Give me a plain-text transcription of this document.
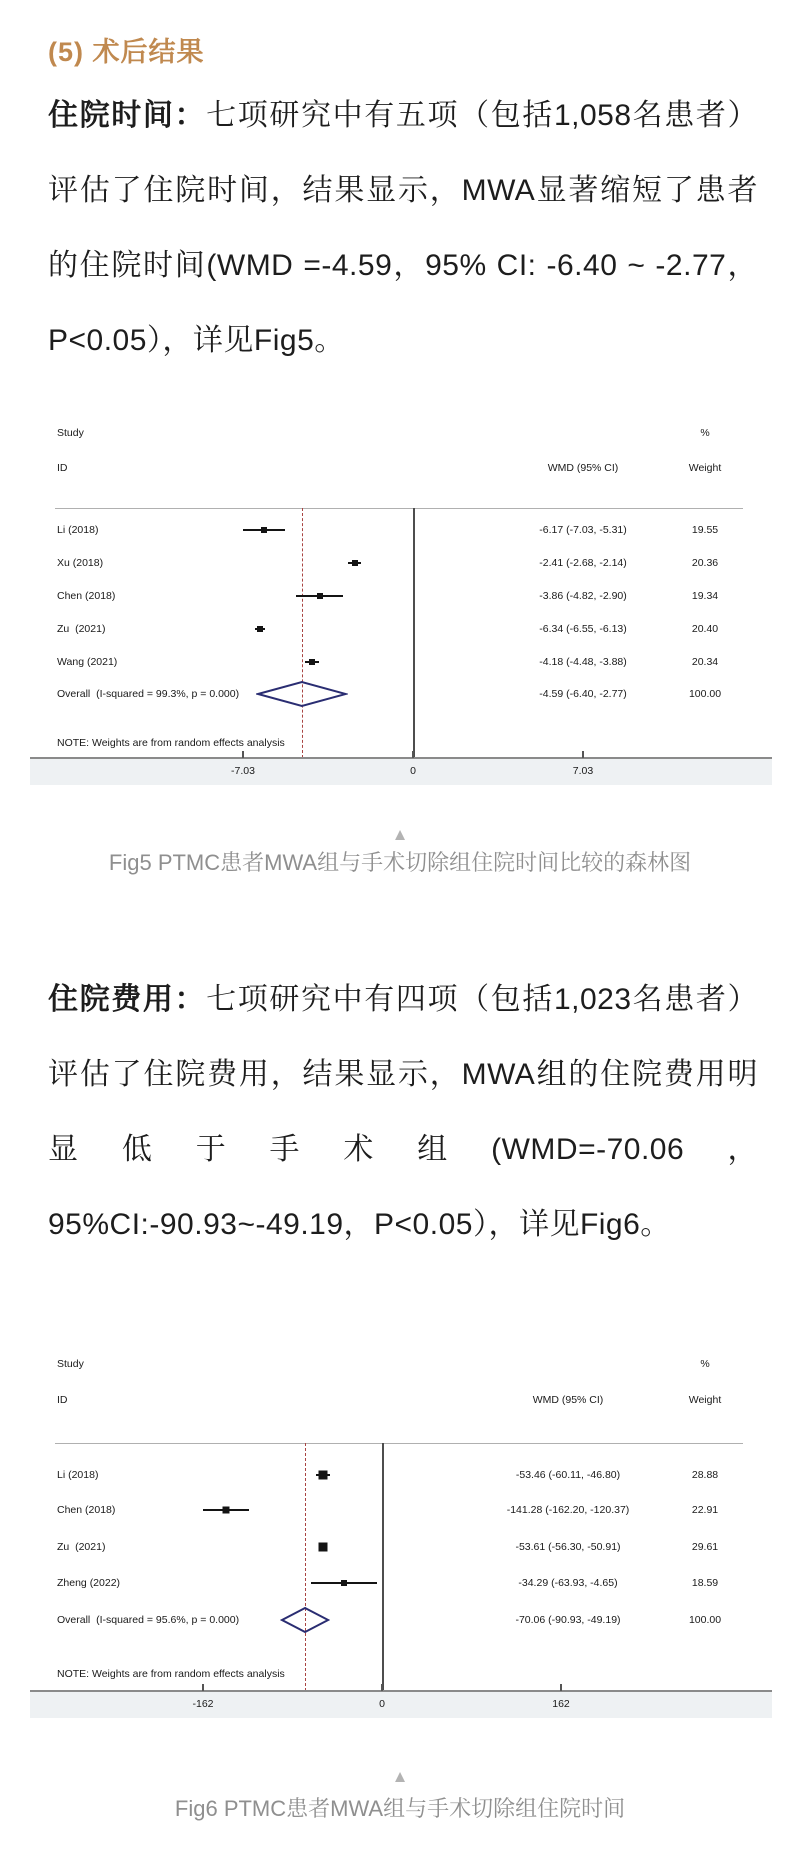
(5) 术后结果

住院时间：七项研究中有五项（包括1,058名患者）评估了住院时间，结果显示，MWA显著缩短了患者的住院时间(WMD =-4.59，95% CI: -6.40 ~ -2.77，P<0.05），详见Fig5。

Study	%
ID	WMD (95% CI)	Weight
Li (2018)	-6.17 (-7.03, -5.31)	19.55
Xu (2018)	-2.41 (-2.68, -2.14)	20.36
Chen (2018)	-3.86 (-4.82, -2.90)	19.34
Zu  (2021)	-6.34 (-6.55, -6.13)	20.40
Wang (2021)	-4.18 (-4.48, -3.88)	20.34
Overall  (I-squared = 99.3%, p = 0.000)	-4.59 (-6.40, -2.77)	100.00
NOTE: Weights are from random effects analysis
-7.03	0	7.03
▲
Fig5 PTMC患者MWA组与手术切除组住院时间比较的森林图

住院费用：七项研究中有四项（包括1,023名患者）评估了住院费用，结果显示，MWA组的住院费用明显低于手术组(WMD=-70.06，95%CI:-90.93~-49.19，P<0.05），详见Fig6。

Study	%
ID	WMD (95% CI)	Weight
Li (2018)	-53.46 (-60.11, -46.80)	28.88
Chen (2018)	-141.28 (-162.20, -120.37)	22.91
Zu  (2021)	-53.61 (-56.30, -50.91)	29.61
Zheng (2022)	-34.29 (-63.93, -4.65)	18.59
Overall  (I-squared = 95.6%, p = 0.000)	-70.06 (-90.93, -49.19)	100.00
NOTE: Weights are from random effects analysis
-162	0	162
▲
Fig6 PTMC患者MWA组与手术切除组住院时间
